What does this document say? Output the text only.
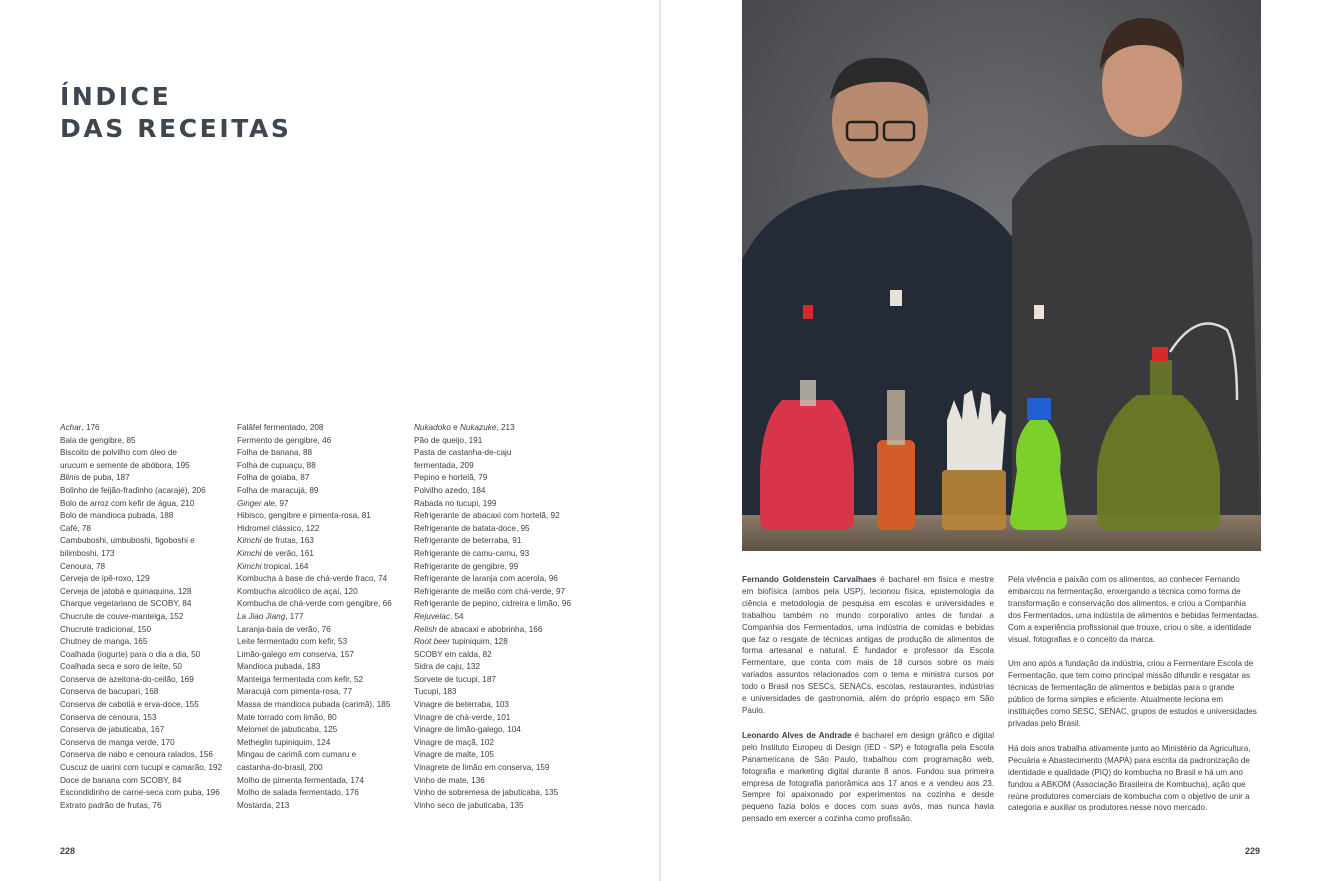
ÍNDICE
DAS RECEITAS
Achar, 176
Bala de gengibre, 85
Biscoito de polvilho com óleo de
urucum e semente de abóbora, 195
Blinis de puba, 187
Bolinho de feijão-fradinho (acarajé), 206
Bolo de arroz com kefir de água, 210
Bolo de mandioca pubada, 188
Café, 78
Cambuboshi, umbuboshi, figoboshi e
bilimboshi, 173
Cenoura, 78
Cerveja de ipê-roxo, 129
Cerveja de jatobá e quinaquina, 128
Charque vegetariano de SCOBY, 84
Chucrute de couve-manteiga, 152
Chucrute tradicional, 150
Chutney de manga, 165
Coalhada (iogurte) para o dia a dia, 50
Coalhada seca e soro de leite, 50
Conserva de azeitona-do-ceilão, 169
Conserva de bacupari, 168
Conserva de cabotiá e erva-doce, 155
Conserva de cenoura, 153
Conserva de jabuticaba, 167
Conserva de manga verde, 170
Conserva de nabo e cenoura ralados, 156
Cuscuz de uarini com tucupi e camarão, 192
Doce de banana com SCOBY, 84
Escondidinho de carne-seca com puba, 196
Extrato padrão de frutas, 76
Falâfel fermentado, 208
Fermento de gengibre, 46
Folha de banana, 88
Folha de cupuaçu, 88
Folha de goiaba, 87
Folha de maracujá, 89
Ginger ale, 97
Hibisco, gengibre e pimenta-rosa, 81
Hidromel clássico, 122
Kimchi de frutas, 163
Kimchi de verão, 161
Kimchi tropical, 164
Kombucha à base de chá-verde fraco, 74
Kombucha alcoólico de açaí, 120
Kombucha de chá-verde com gengibre, 66
La Jiao Jiang, 177
Laranja-baía de verão, 76
Leite fermentado com kefir, 53
Limão-galego em conserva, 157
Mandioca pubada, 183
Manteiga fermentada com kefir, 52
Maracujá com pimenta-rosa, 77
Massa de mandioca pubada (carimã), 185
Mate torrado com limão, 80
Melomel de jabuticaba, 125
Metheglin tupiniquim, 124
Mingau de carimã com cumaru e
castanha-do-brasil, 200
Molho de pimenta fermentada, 174
Molho de salada fermentado, 176
Mostarda, 213
Nukadoko e Nukazuke, 213
Pão de queijo, 191
Pasta de castanha-de-caju
fermentada, 209
Pepino e hortelã, 79
Polvilho azedo, 184
Rabada no tucupi, 199
Refrigerante de abacaxi com hortelã, 92
Refrigerante de batata-doce, 95
Refrigerante de beterraba, 91
Refrigerante de camu-camu, 93
Refrigerante de gengibre, 99
Refrigerante de laranja com acerola, 96
Refrigerante de melão com chá-verde, 97
Refrigerante de pepino, cidreira e limão, 96
Rejuvelac, 54
Relish de abacaxi e abobrinha, 166
Root beer tupiniquim, 128
SCOBY em calda, 82
Sidra de caju, 132
Sorvete de tucupi, 187
Tucupi, 183
Vinagre de beterraba, 103
Vinagre de chá-verde, 101
Vinagre de limão-galego, 104
Vinagre de maçã, 102
Vinagre de malte, 105
Vinagrete de limão em conserva, 159
Vinho de mate, 136
Vinho de sobremesa de jabuticaba, 135
Vinho seco de jabuticaba, 135
228

Fernando Goldenstein Carvalhaes é bacharel em física e mestre em biofísica (ambos pela USP), lecionou física, epistemologia da ciência e metodologia de pesquisa em escolas e universidades e trabalhou também no mundo corporativo antes de fundar a Companhia dos Fermentados, uma indústria de comidas e bebidas que faz o resgate de técnicas antigas de produção de alimentos de forma artesanal e natural. É fundador e professor da Escola Fermentare, que conta com mais de 18 cursos sobre os mais variados assuntos relacionados com o tema e ministra cursos por todo o Brasil nos SESCs, SENACs, escolas, restaurantes, indústrias e universidades de gastronomia, além do próprio espaço em São Paulo.

Leonardo Alves de Andrade é bacharel em design gráfico e digital pelo Instituto Europeu di Design (IED - SP) e fotografia pela Escola Panamericana de São Paulo, trabalhou com programação web, fotografia e marketing digital durante 8 anos. Fundou sua primeira empresa de fotografia panorâmica aos 17 anos e a vendeu aos 23. Sempre foi apaixonado por experimentos na cozinha e desde pequeno fazia bolos e doces com suas avós, mas nunca havia pensado em exercer a cozinha como profissão.

Pela vivência e paixão com os alimentos, ao conhecer Fernando embarcou na fermentação, enxergando a técnica como forma de transformação e conservação dos alimentos, e criou a Companhia dos Fermentados, uma indústria de alimentos e bebidas fermentadas. Com a experiência profissional que trouxe, criou o site, a identidade visual, fotografias e o conceito da marca.

Um ano após a fundação da indústria, criou a Fermentare Escola de Fermentação, que tem como principal missão difundir e resgatar as técnicas de fermentação de alimentos e bebidas para o grande público de forma simples e eficiente. Atualmente leciona em instituições como SESC, SENAC, grupos de estudos e universidades privadas pelo Brasil.

Há dois anos trabalha ativamente junto ao Ministério da Agricultura, Pecuária e Abastecimento (MAPA) para escrita da padronização de identidade e qualidade (PIQ) do kombucha no Brasil e há um ano fundou a ABKOM (Associação Brasileira de Kombucha), ação que reúne produtores comerciais de kombucha com o objetivo de unir a categoria e auxiliar os produtores nesse novo mercado.

229
